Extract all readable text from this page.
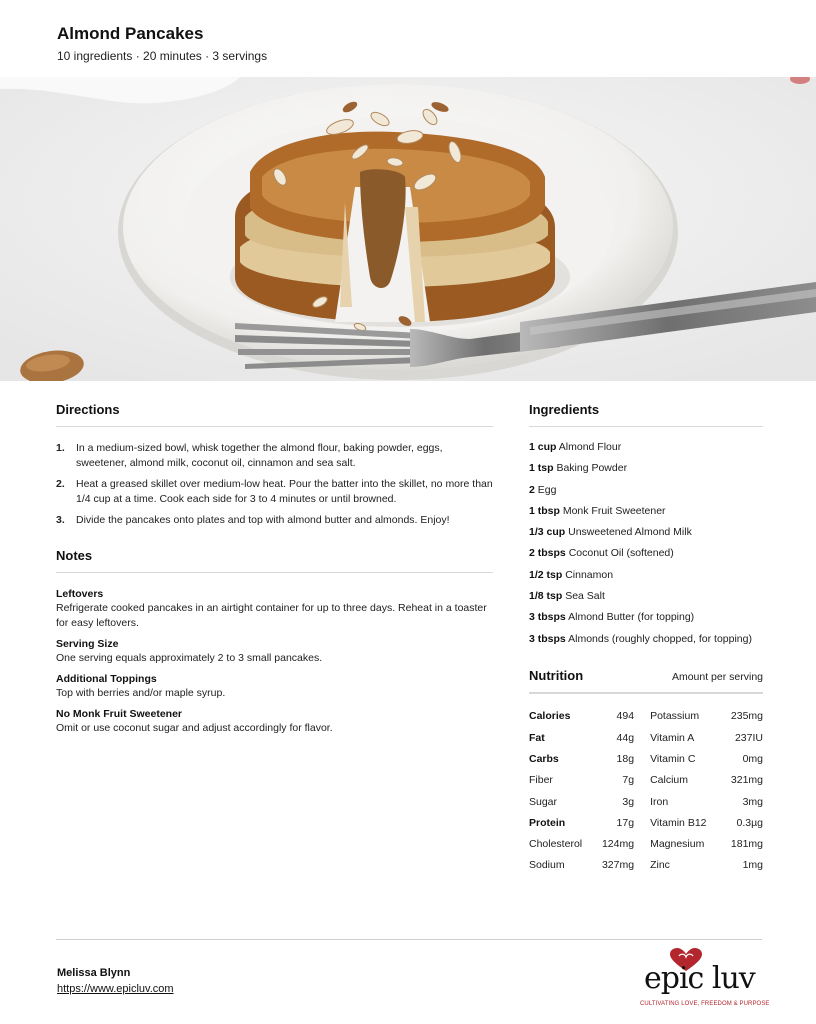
Almond Pancakes
10 ingredients · 20 minutes · 3 servings
Directions
1.	In a medium-sized bowl, whisk together the almond flour, baking powder, eggs, sweetener, almond milk, coconut oil, cinnamon and sea salt.
2.	Heat a greased skillet over medium-low heat. Pour the batter into the skillet, no more than 1/4 cup at a time. Cook each side for 3 to 4 minutes or until browned.
3.	Divide the pancakes onto plates and top with almond butter and almonds. Enjoy!
Notes
Leftovers
Refrigerate cooked pancakes in an airtight container for up to three days. Reheat in a toaster for easy leftovers.
Serving Size
One serving equals approximately 2 to 3 small pancakes.
Additional Toppings
Top with berries and/or maple syrup.
No Monk Fruit Sweetener
Omit or use coconut sugar and adjust accordingly for flavor.
Ingredients
1 cup Almond Flour
1 tsp Baking Powder
2 Egg
1 tbsp Monk Fruit Sweetener
1/3 cup Unsweetened Almond Milk
2 tbsps Coconut Oil (softened)
1/2 tsp Cinnamon
1/8 tsp Sea Salt
3 tbsps Almond Butter (for topping)
3 tbsps Almonds (roughly chopped, for topping)
Nutrition	Amount per serving
Calories	494	Potassium	235mg
Fat	44g	Vitamin A	237IU
Carbs	18g	Vitamin C	0mg
Fiber	7g	Calcium	321mg
Sugar	3g	Iron	3mg
Protein	17g	Vitamin B12	0.3µg
Cholesterol	124mg	Magnesium	181mg
Sodium	327mg	Zinc	1mg
Melissa Blynn
https://www.epicluv.com	epic luv
CULTIVATING LOVE, FREEDOM & PURPOSE
